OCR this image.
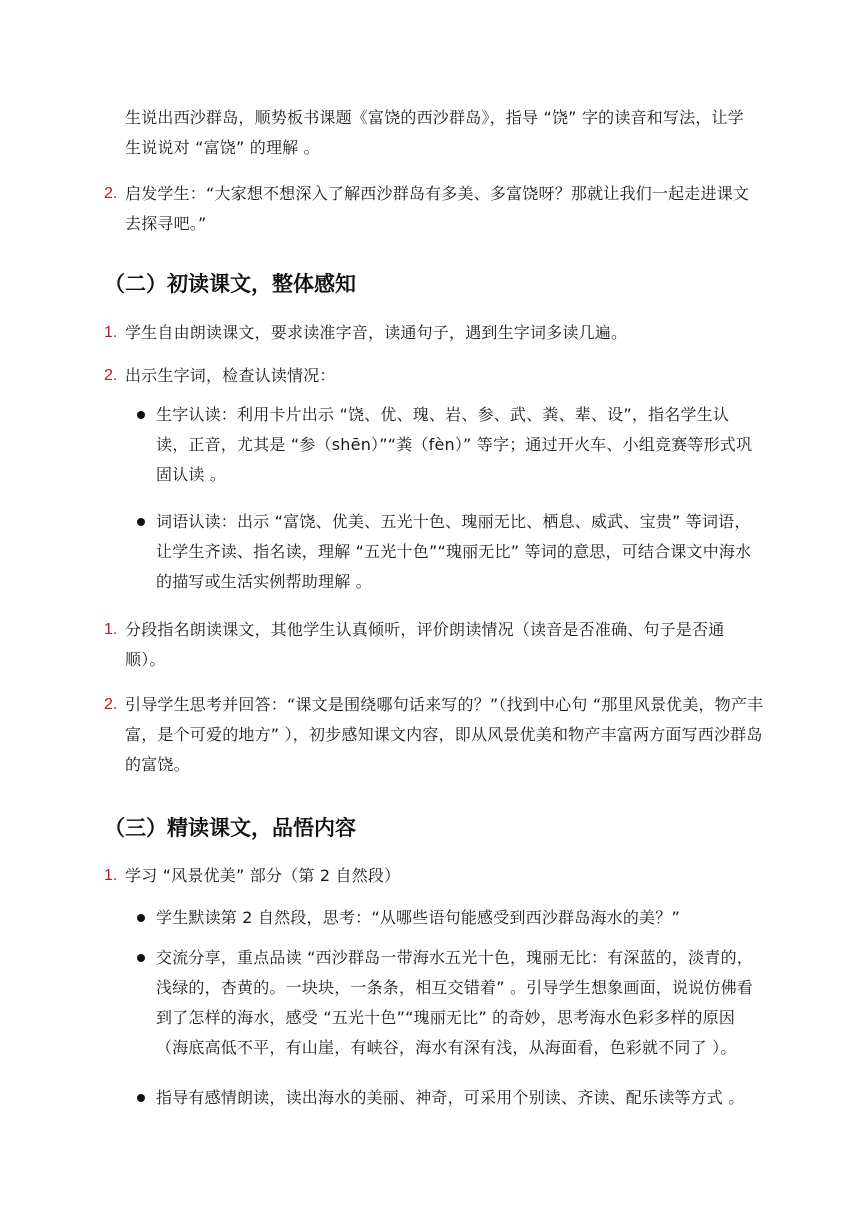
生说出西沙群岛，顺势板书课题《富饶的西沙群岛》，指导 “饶” 字的读音和写法，让学生说说对 “富饶” 的理解 。

2. 启发学生：“大家想不想深入了解西沙群岛有多美、多富饶呀？那就让我们一起走进课文去探寻吧。”

（二）初读课文，整体感知
1. 学生自由朗读课文，要求读准字音，读通句子，遇到生字词多读几遍。

2. 出示生字词，检查认读情况：

生字认读：利用卡片出示 “饶、优、瑰、岩、参、武、粪、辈、设”，指名学生认读，正音，尤其是 “参（shēn）”“粪（fèn）” 等字；通过开火车、小组竞赛等形式巩固认读 。

词语认读：出示 “富饶、优美、五光十色、瑰丽无比、栖息、威武、宝贵” 等词语，让学生齐读、指名读，理解 “五光十色”“瑰丽无比” 等词的意思，可结合课文中海水的描写或生活实例帮助理解 。

1. 分段指名朗读课文，其他学生认真倾听，评价朗读情况（读音是否准确、句子是否通顺）。

2. 引导学生思考并回答：“课文是围绕哪句话来写的？”（找到中心句 “那里风景优美，物产丰富，是个可爱的地方” ），初步感知课文内容，即从风景优美和物产丰富两方面写西沙群岛的富饶。

（三）精读课文，品悟内容
1. 学习 “风景优美” 部分（第 2 自然段）

学生默读第 2 自然段，思考：“从哪些语句能感受到西沙群岛海水的美？”

交流分享，重点品读 “西沙群岛一带海水五光十色，瑰丽无比：有深蓝的，淡青的，浅绿的，杏黄的。一块块，一条条，相互交错着” 。引导学生想象画面，说说仿佛看到了怎样的海水，感受 “五光十色”“瑰丽无比” 的奇妙，思考海水色彩多样的原因（海底高低不平，有山崖，有峡谷，海水有深有浅，从海面看，色彩就不同了 ）。

指导有感情朗读，读出海水的美丽、神奇，可采用个别读、齐读、配乐读等方式 。
